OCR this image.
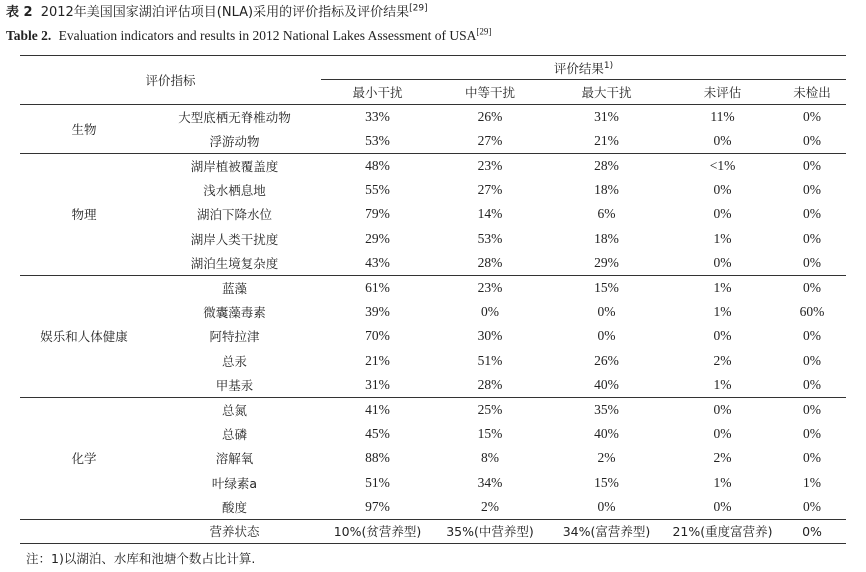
表 2 2012年美国国家湖泊评估项目(NLA)采用的评价指标及评价结果[29]
Table 2. Evaluation indicators and results in 2012 National Lakes Assessment of USA[29]
评价指标		评价结果$^{1)}$
		最小干扰	中等干扰	最大干扰	未评估	未检出
生物	大型底栖无脊椎动物	33%	26%	31%	11%	0%
	浮游动物	53%	27%	21%	0%	0%
物理	湖岸植被覆盖度	48%	23%	28%	<1%	0%
	浅水栖息地	55%	27%	18%	0%	0%
	湖泊下降水位	79%	14%	6%	0%	0%
	湖岸人类干扰度	29%	53%	18%	1%	0%
	湖泊生境复杂度	43%	28%	29%	0%	0%
娱乐和人体健康	蓝藻	61%	23%	15%	1%	0%
	微囊藻毒素	39%	0%	0%	1%	60%
	阿特拉津	70%	30%	0%	0%	0%
	总汞	21%	51%	26%	2%	0%
	甲基汞	31%	28%	40%	1%	0%
化学	总氮	41%	25%	35%	0%	0%
	总磷	45%	15%	40%	0%	0%
	溶解氧	88%	8%	2%	2%	0%
	叶绿素a	51%	34%	15%	1%	1%
	酸度	97%	2%	0%	0%	0%
	营养状态	10%(贫营养型)	35%(中营养型)	34%(富营养型)	21%(重度富营养)	0%
注：1)以湖泊、水库和池塘个数占比计算.
